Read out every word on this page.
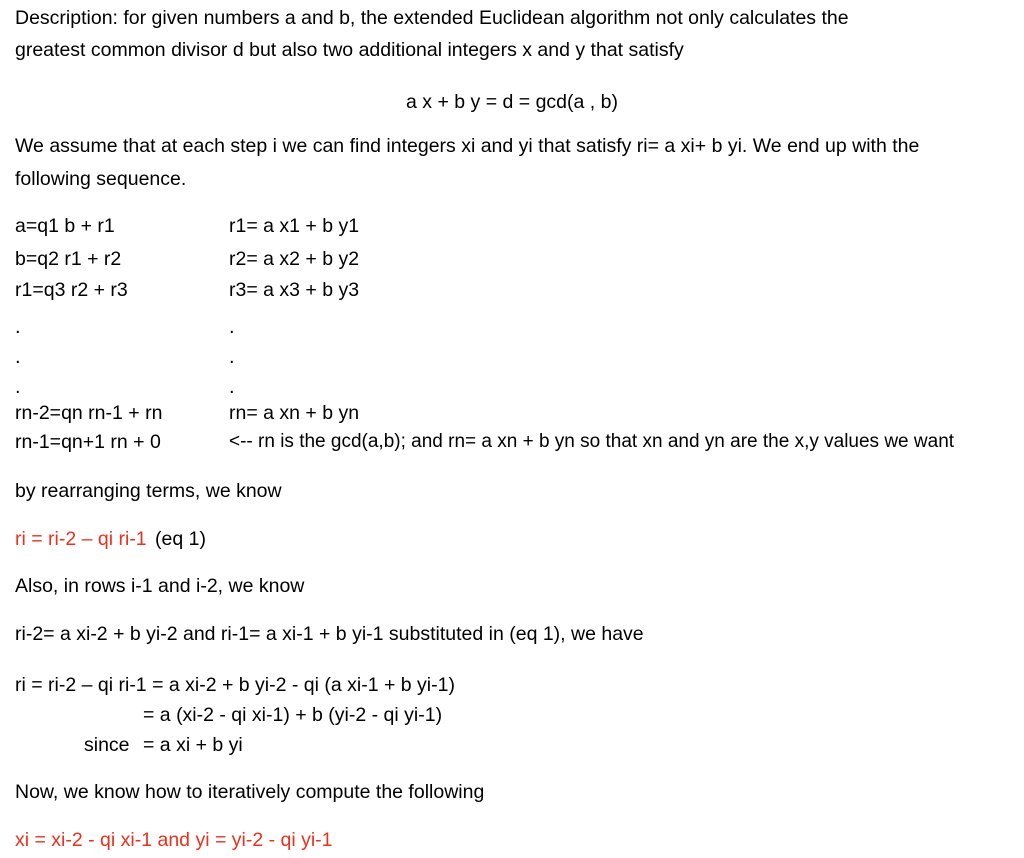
Description: for given numbers a and b, the extended Euclidean algorithm not only calculates the
greatest common divisor d but also two additional integers x and y that satisfy
a x + b y = d = gcd(a , b)
We assume that at each step i we can find integers xi and yi that satisfy ri= a xi+ b yi. We end up with the
following sequence.
a=q1 b + r1
b=q2 r1 + r2
r1=q3 r2 + r3
.
.
.
rn-2=qn rn-1 + rn
rn-1=qn+1 rn + 0
r1= a x1 + b y1
r2= a x2 + b y2
r3= a x3 + b y3
.
.
.
rn= a xn + b yn
<-- rn is the gcd(a,b); and rn= a xn + b yn so that xn and yn are the x,y values we want
by rearranging terms, we know
ri = ri-2 – qi ri-1 (eq 1)
Also, in rows i-1 and i-2, we know
ri-2= a xi-2 + b yi-2 and ri-1= a xi-1 + b yi-1 substituted in (eq 1), we have
ri = ri-2 – qi ri-1 = a xi-2 + b yi-2 - qi (a xi-1 + b yi-1)
= a (xi-2 - qi xi-1) + b (yi-2 - qi yi-1)
since = a xi + b yi
Now, we know how to iteratively compute the following
xi = xi-2 - qi xi-1 and yi = yi-2 - qi yi-1
